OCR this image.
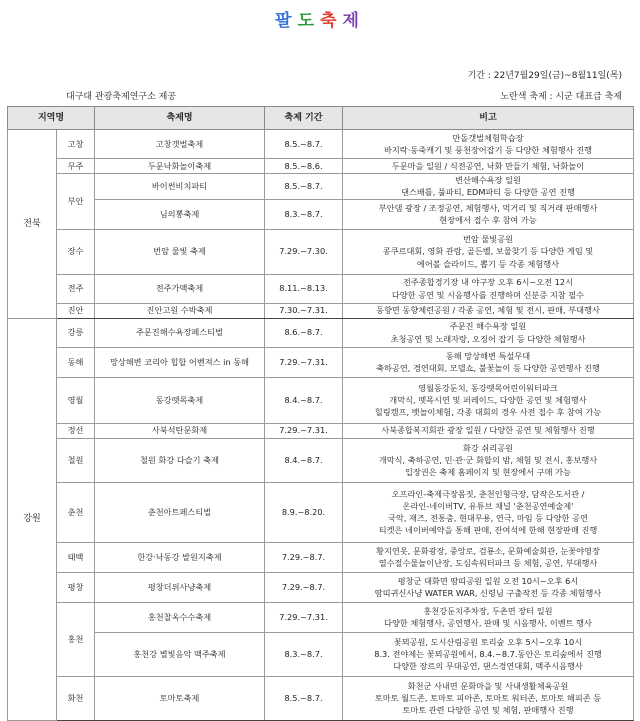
팔도축제
기간 : 22년7월29일(금)~8월11일(목)
대구대 관광축제연구소 제공	노란색 축제 : 시군 대표급 축제
지역명		축제명	축제 기간	비고
전북	고창	고창갯벌축제	8.5.~8.7.	만돌갯벌체험학습장
바지락·동죽캐기 및 풍천장어잡기 등 다양한 체험행사 진행
	무주	두문낙화놀이축제	8.5.~8.6.	두문마을 일원 / 식전공연, 낙화 만들기 체험, 낙화놀이
	부안	바이썬비치파티	8.5.~8.7.	변산해수욕장 일원
댄스배틀, 풀파티, EDM파티 등 다양한 공연 진행
		님의뽕축제	8.3.~8.7.	부안댐 광장 / 조정공연, 체험행사, 먹거리 및 직거래 판매행사
현장에서 접수 후 참여 가능
	장수	번암 물빛 축제	7.29.~7.30.	번암 물빛공원
콩쿠르대회, 영화 관람, 골든벨, 보물찾기 등 다양한 게임 및
에어볼 슬라이드, 뽑기 등 각종 체험행사
	전주	전주가맥축제	8.11.~8.13.	전주종합경기장 내 야구장 오후 6시~오전 12시
다양한 공연 및 시음행사를 진행하며 신분증 지참 필수
	진안	진안고원 수박축제	7.30.~7.31.	동향면 동향체련공원 / 각종 공연, 체험 및 전시, 판매, 부대행사
강원	강릉	주문진해수욕장페스티벌	8.6.~8.7.	주문진 해수욕장 일원
초청공연 및 노래자랑, 오징어 잡기 등 다양한 체험행사
	동해	망상해변 코리아 힙합 어벤져스 in 동해	7.29.~7.31.	동해 망상해변 특설무대
축하공연, 경연대회, 모델쇼, 불꽃놀이 등 다양한 공연행사 진행
	영월	동강뗏목축제	8.4.~8.7.	영월동강둔치, 동강뗏목어린이워터파크
개막식, 뗏목시연 및 퍼레이드, 다양한 공연 및 체험행사
힐링캠프, 뱃놀이체험, 각종 대회의 경우 사전 접수 후 참여 가능
	정선	사북석탄문화제	7.29.~7.31.	사북종합복지회관 광장 일원 / 다양한 공연 및 체험행사 진행
	철원	철원 화강 다슬기 축제	8.4.~8.7.	화강 쉬리공원
개막식, 축하공연, 민·관·군 화합의 밤, 체험 및 전시, 홍보행사
입장권은 축제 홈페이지 및 현장에서 구매 가능
	춘천	춘천아트페스티벌	8.9.~8.20.	오프라인-축제극장몸짓, 춘천인형극장, 담작은도서관 /
온라인-네이버TV, 유튜브 채널 '춘천공연예술제'
국악, 재즈, 전통춤, 현대무용, 연극, 마임 등 다양한 공연
티켓은 네이버예약을 통해 판매, 잔여석에 한해 현장판매 진행
	태백	한강·낙동강 발원지축제	7.29.~8.7.	황지연못, 문화광장, 중앙로, 검룡소, 문화예술회관, 눈꽃야영장
열수절수물놀이난장, 도심속워터파크 등 체험, 공연, 부대행사
	평창	평창더위사냥축제	7.29.~8.7.	평창군 대화면 땀띠공원 일원 오전 10시~오후 6시
땀띠귀신사냥 WATER WAR, 신령님 구출작전 등 각종 체험행사
	홍천	홍천찰옥수수축제	7.29.~7.31.	홍천강둔치주차장, 두촌면 장터 일원
다양한 체험행사, 공연행사, 판매 및 시음행사, 이벤트 행사
		홍천강 별빛음악 맥주축제	8.3.~8.7.	꽃뫼공원, 도시산림공원 토리숲 오후 5시~오후 10시
8.3. 전야제는 꽃뫼공원에서, 8.4.~8.7.동안은 토리숲에서 진행
다양한 장르의 무대공연, 댄스경연대회, 맥주시음행사
	화천	토마토축제	8.5.~8.7.	화천군 사내면 문화마을 및 사내생활체육공원
토마토 월드존, 토마토 피아존, 토마토 워터존, 토마토 해피존 등
토마토 관련 다양한 공연 및 체험, 판매행사 진행
